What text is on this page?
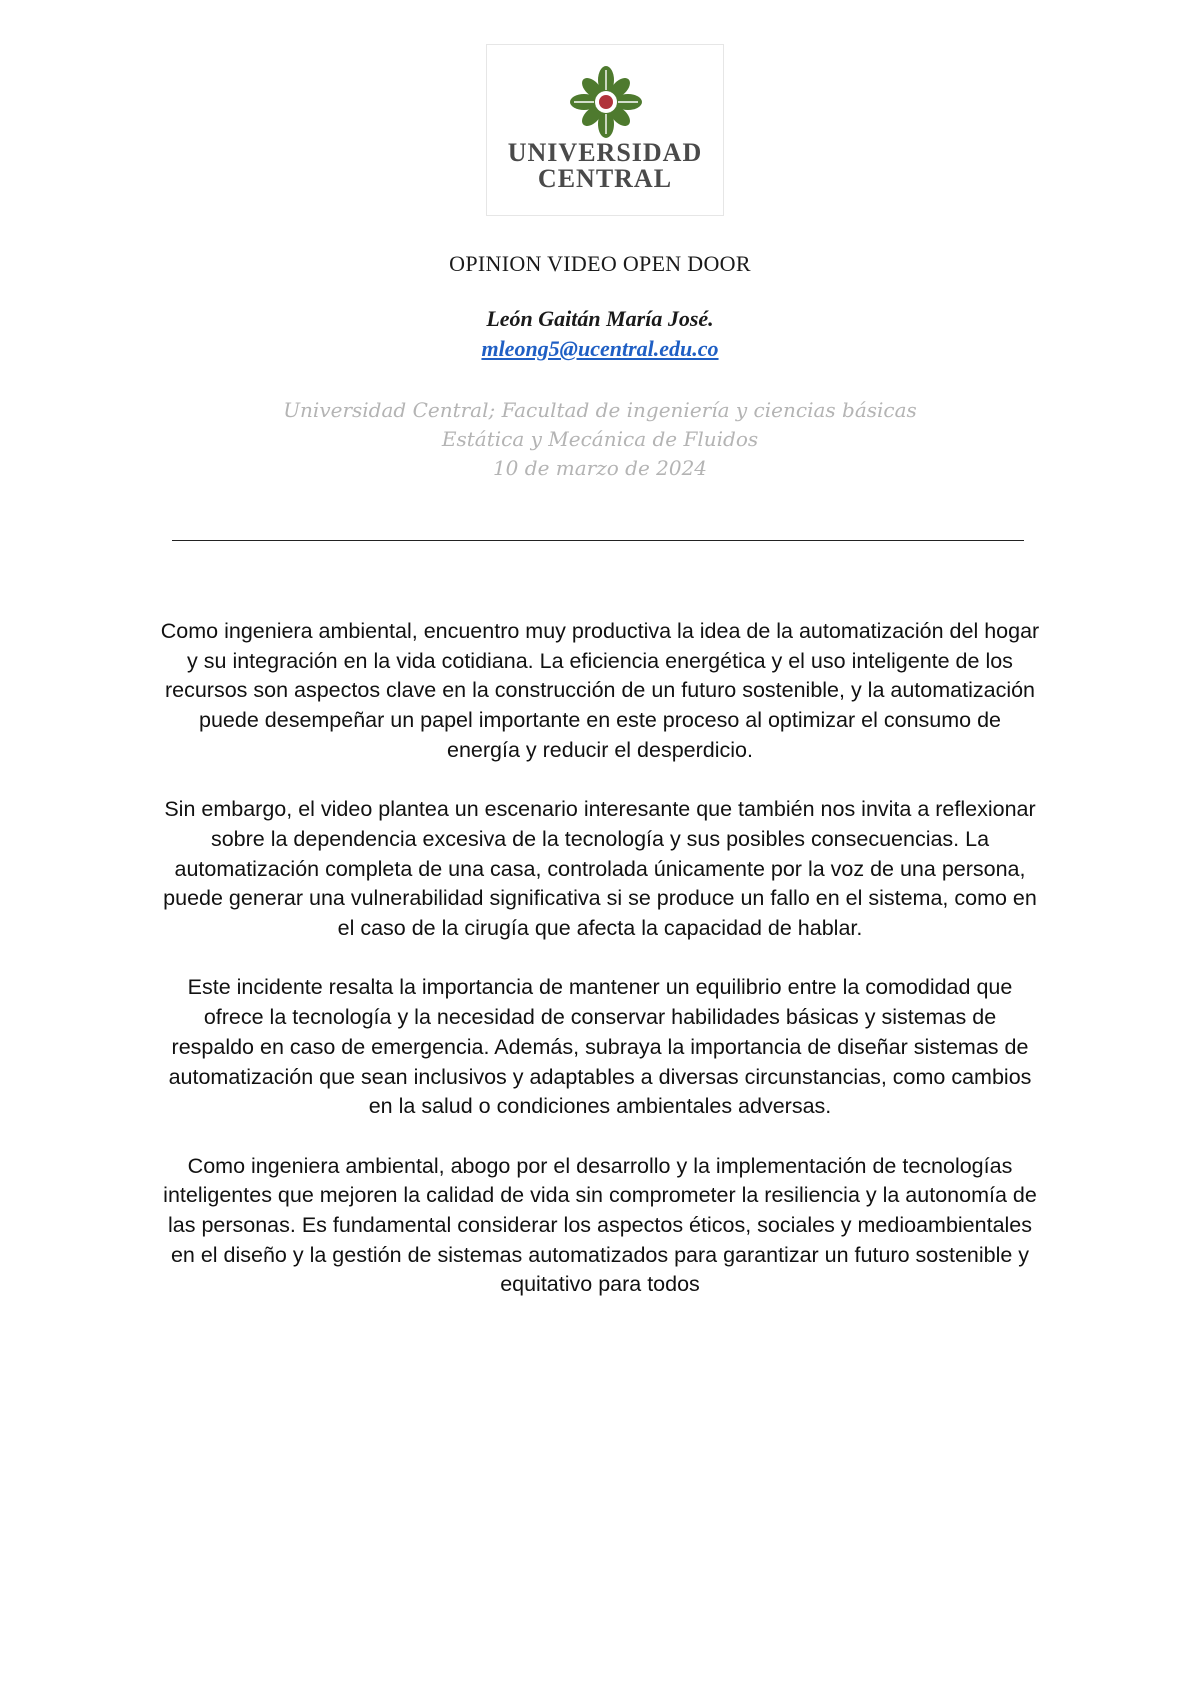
UNIVERSIDAD
CENTRAL
OPINION VIDEO OPEN DOOR
León Gaitán María José.
mleong5@ucentral.edu.co
Universidad Central; Facultad de ingeniería y ciencias básicas
Estática y Mecánica de Fluidos
10 de marzo de 2024

Como ingeniera ambiental, encuentro muy productiva la idea de la automatización del hogar y su integración en la vida cotidiana. La eficiencia energética y el uso inteligente de los recursos son aspectos clave en la construcción de un futuro sostenible, y la automatización puede desempeñar un papel importante en este proceso al optimizar el consumo de energía y reducir el desperdicio.

Sin embargo, el video plantea un escenario interesante que también nos invita a reflexionar sobre la dependencia excesiva de la tecnología y sus posibles consecuencias. La automatización completa de una casa, controlada únicamente por la voz de una persona, puede generar una vulnerabilidad significativa si se produce un fallo en el sistema, como en el caso de la cirugía que afecta la capacidad de hablar.

Este incidente resalta la importancia de mantener un equilibrio entre la comodidad que ofrece la tecnología y la necesidad de conservar habilidades básicas y sistemas de respaldo en caso de emergencia. Además, subraya la importancia de diseñar sistemas de automatización que sean inclusivos y adaptables a diversas circunstancias, como cambios en la salud o condiciones ambientales adversas.

Como ingeniera ambiental, abogo por el desarrollo y la implementación de tecnologías inteligentes que mejoren la calidad de vida sin comprometer la resiliencia y la autonomía de las personas. Es fundamental considerar los aspectos éticos, sociales y medioambientales en el diseño y la gestión de sistemas automatizados para garantizar un futuro sostenible y equitativo para todos
